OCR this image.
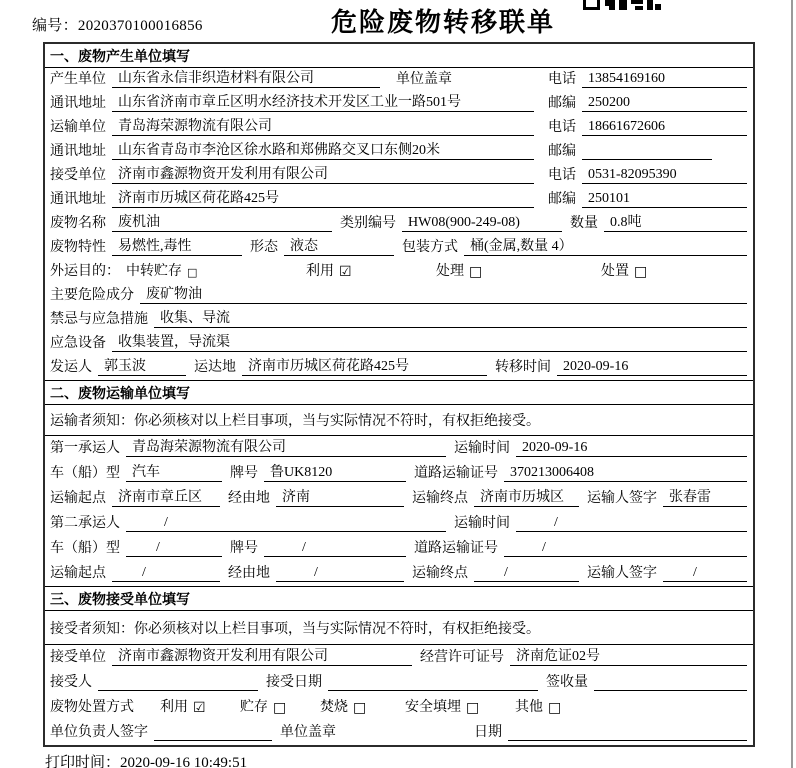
编号：2020370100016856	危险废物转移联单
一、废物产生单位填写
产生单位 山东省永信非织造材料有限公司	单位盖章	电话 13854169160
通讯地址 山东省济南市章丘区明水经济技术开发区工业一路501号	邮编 250200
运输单位 青岛海荣源物流有限公司	电话 18661672606
通讯地址 山东省青岛市李沧区徐水路和郑佛路交叉口东侧20米	邮编
接受单位 济南市鑫源物资开发利用有限公司	电话 0531-82095390
通讯地址 济南市历城区荷花路425号	邮编 250101
废物名称 废机油	类别编号 HW08(900-249-08)	数量 0.8吨
废物特性 易燃性,毒性	形态 液态	包装方式 桶(金属,数量 4）
外运目的： 中转贮存 □	利用 ☑	处理 □	处置 □
主要危险成分 废矿物油
禁忌与应急措施 收集、导流
应急设备 收集装置，导流渠
发运人 郭玉波	运达地 济南市历城区荷花路425号	转移时间 2020-09-16
二、废物运输单位填写
运输者须知：你必须核对以上栏目事项，当与实际情况不符时，有权拒绝接受。
第一承运人 青岛海荣源物流有限公司	运输时间 2020-09-16
车（船）型 汽车	牌号 鲁UK8120	道路运输证号 370213006408
运输起点 济南市章丘区	经由地 济南	运输终点 济南市历城区	运输人签字 张春雷
第二承运人	/	运输时间	/
车（船）型	/	牌号	/	道路运输证号	/
运输起点	/	经由地	/	运输终点	/	运输人签字	/
三、废物接受单位填写
接受者须知：你必须核对以上栏目事项，当与实际情况不符时，有权拒绝接受。
接受单位 济南市鑫源物资开发利用有限公司	经营许可证号 济南危证02号
接受人	接受日期	签收量
废物处置方式 利用 ☑ 贮存 □ 焚烧 □	安全填埋 □	其他 □
单位负责人签字	单位盖章	日期
打印时间：2020-09-16 10:49:51
